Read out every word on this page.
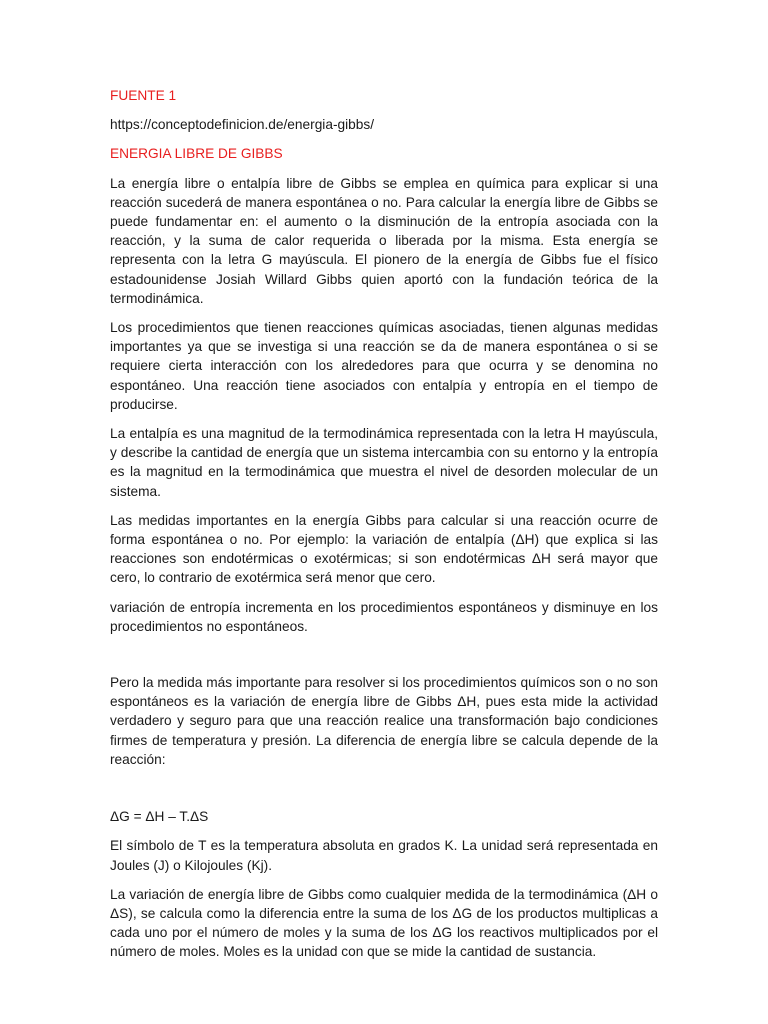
FUENTE 1

https://conceptodefinicion.de/energia-gibbs/

ENERGIA LIBRE DE GIBBS

La energía libre o entalpía libre de Gibbs se emplea en química para explicar si una reacción sucederá de manera espontánea o no. Para calcular la energía libre de Gibbs se puede fundamentar en: el aumento o la disminución de la entropía asociada con la reacción, y la suma de calor requerida o liberada por la misma. Esta energía se representa con la letra G mayúscula. El pionero de la energía de Gibbs fue el físico estadounidense Josiah Willard Gibbs quien aportó con la fundación teórica de la termodinámica.

Los procedimientos que tienen reacciones químicas asociadas, tienen algunas medidas importantes ya que se investiga si una reacción se da de manera espontánea o si se requiere cierta interacción con los alrededores para que ocurra y se denomina no espontáneo. Una reacción tiene asociados con entalpía y entropía en el tiempo de producirse.

La entalpía es una magnitud de la termodinámica representada con la letra H mayúscula, y describe la cantidad de energía que un sistema intercambia con su entorno y la entropía es la magnitud en la termodinámica que muestra el nivel de desorden molecular de un sistema.

Las medidas importantes en la energía Gibbs para calcular si una reacción ocurre de forma espontánea o no. Por ejemplo: la variación de entalpía (ΔH) que explica si las reacciones son endotérmicas o exotérmicas; si son endotérmicas ΔH será mayor que cero, lo contrario de exotérmica será menor que cero.

variación de entropía incrementa en los procedimientos espontáneos y disminuye en los procedimientos no espontáneos.

Pero la medida más importante para resolver si los procedimientos químicos son o no son espontáneos es la variación de energía libre de Gibbs ΔH, pues esta mide la actividad verdadero y seguro para que una reacción realice una transformación bajo condiciones firmes de temperatura y presión. La diferencia de energía libre se calcula depende de la reacción:

ΔG = ΔH – T.ΔS

El símbolo de T es la temperatura absoluta en grados K. La unidad será representada en Joules (J) o Kilojoules (Kj).

La variación de energía libre de Gibbs como cualquier medida de la termodinámica (ΔH o ΔS), se calcula como la diferencia entre la suma de los ΔG de los productos multiplicas a cada uno por el número de moles y la suma de los ΔG los reactivos multiplicados por el número de moles. Moles es la unidad con que se mide la cantidad de sustancia.
